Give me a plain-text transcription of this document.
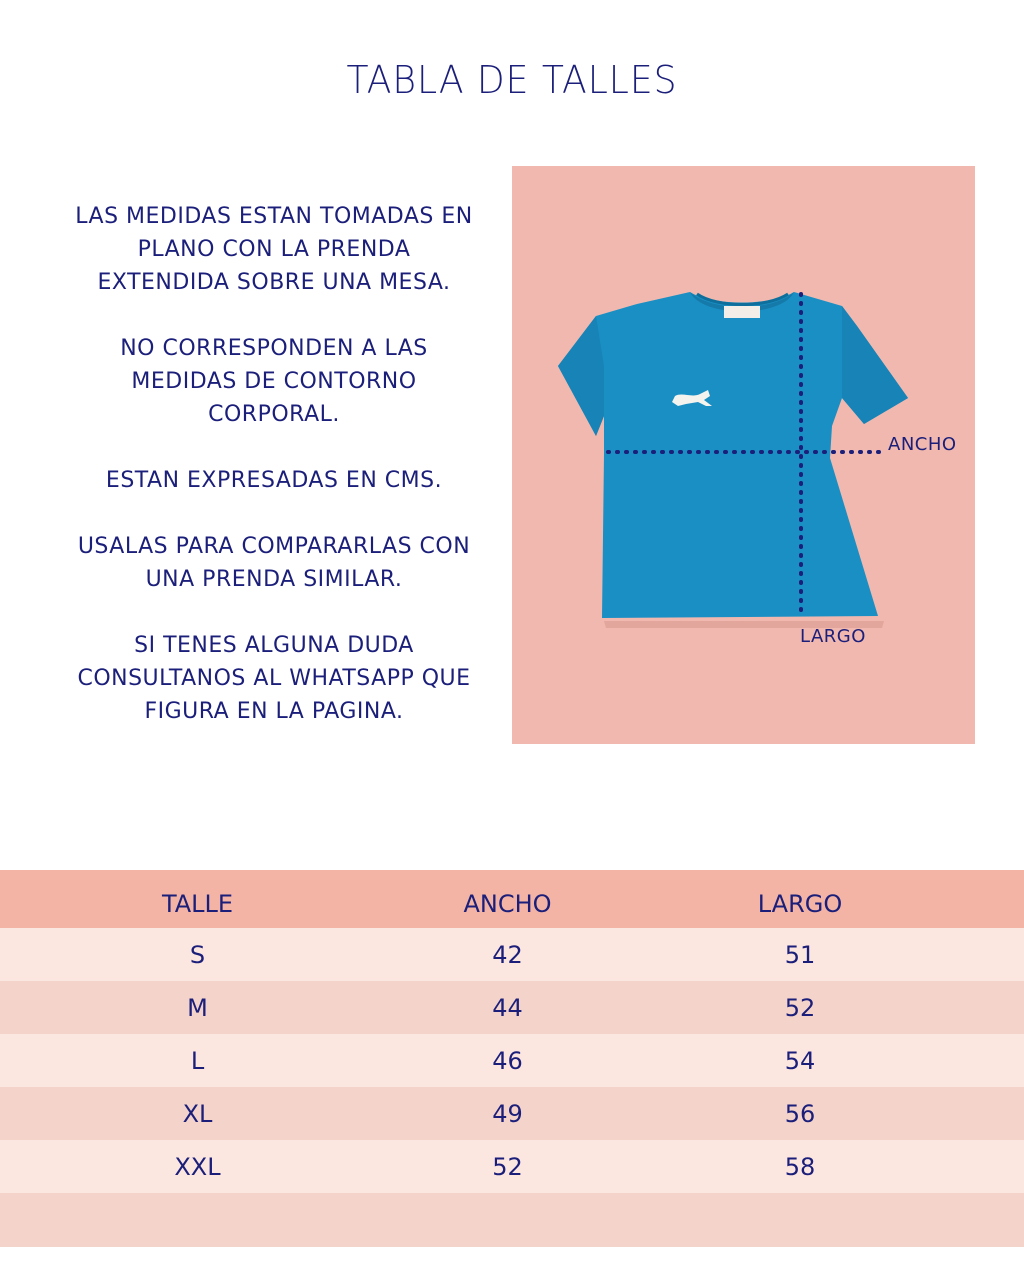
TABLA DE TALLES

LAS MEDIDAS ESTAN TOMADAS EN PLANO CON LA PRENDA EXTENDIDA SOBRE UNA MESA.

NO CORRESPONDEN A LAS MEDIDAS DE CONTORNO CORPORAL.

ESTAN EXPRESADAS EN CMS.

USALAS PARA COMPARARLAS CON UNA PRENDA SIMILAR.

SI TENES ALGUNA DUDA CONSULTANOS AL WHATSAPP QUE FIGURA EN LA PAGINA.

ANCHO
LARGO
TALLE	ANCHO	LARGO
S	42	51
M	44	52
L	46	54
XL	49	56
XXL	52	58
